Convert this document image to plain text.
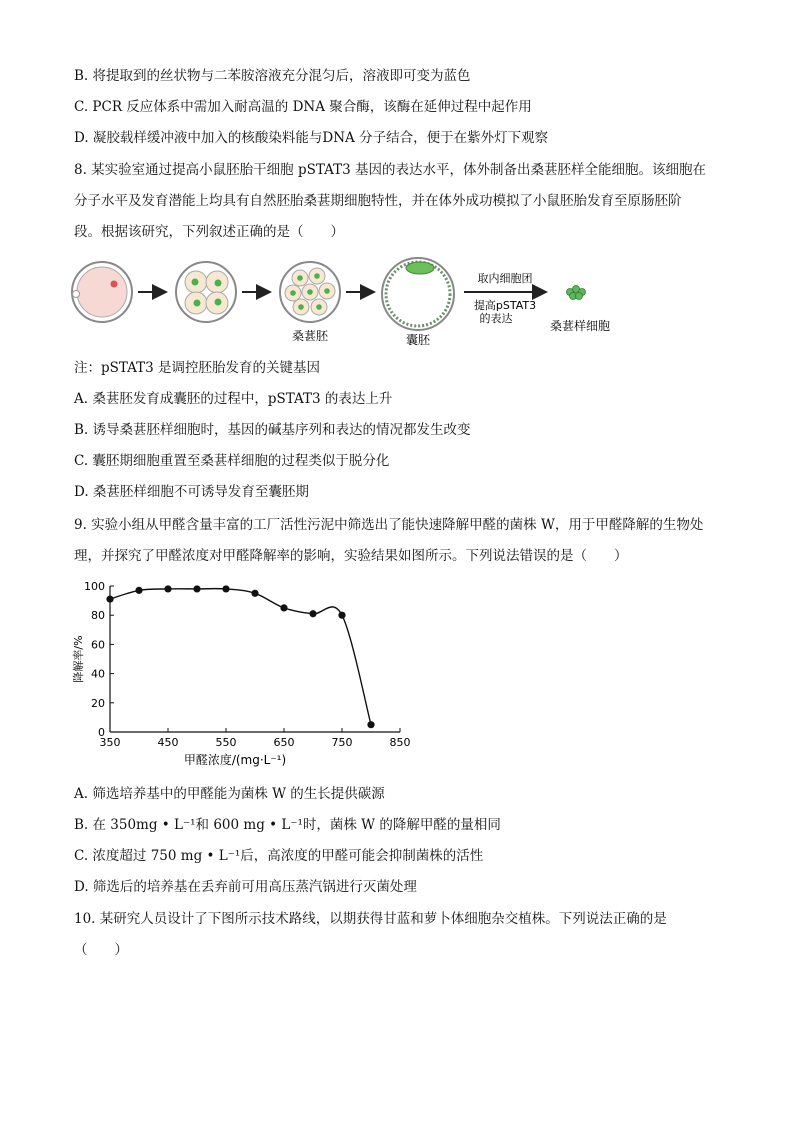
B. 将提取到的丝状物与二苯胺溶液充分混匀后，溶液即可变为蓝色
C. PCR 反应体系中需加入耐高温的 DNA 聚合酶，该酶在延伸过程中起作用
D. 凝胶载样缓冲液中加入的核酸染料能与DNA 分子结合，便于在紫外灯下观察
8. 某实验室通过提高小鼠胚胎干细胞 pSTAT3 基因的表达水平，体外制备出桑葚胚样全能细胞。该细胞在
分子水平及发育潜能上均具有自然胚胎桑葚期细胞特性，并在体外成功模拟了小鼠胚胎发育至原肠胚阶
段。根据该研究，下列叙述正确的是（　　）
桑葚胚	囊胚
取内细胞团
提高pSTAT3
的表达
桑葚样细胞
注：pSTAT3 是调控胚胎发育的关键基因
A. 桑葚胚发育成囊胚的过程中，pSTAT3 的表达上升
B. 诱导桑葚胚样细胞时，基因的碱基序列和表达的情况都发生改变
C. 囊胚期细胞重置至桑葚样细胞的过程类似于脱分化
D. 桑葚胚样细胞不可诱导发育至囊胚期
9. 实验小组从甲醛含量丰富的工厂活性污泥中筛选出了能快速降解甲醛的菌株 W，用于甲醛降解的生物处
理，并探究了甲醛浓度对甲醛降解率的影响，实验结果如图所示。下列说法错误的是（　　）
350	450	550	650	750	850
0
20
40
60
80
100
甲醛浓度/(mg·L⁻¹)
降解率/%
A. 筛选培养基中的甲醛能为菌株 W 的生长提供碳源
B. 在 350mg • L⁻¹和 600 mg • L⁻¹时，菌株 W 的降解甲醛的量相同
C. 浓度超过 750 mg • L⁻¹后，高浓度的甲醛可能会抑制菌株的活性
D. 筛选后的培养基在丢弃前可用高压蒸汽锅进行灭菌处理
10. 某研究人员设计了下图所示技术路线，以期获得甘蓝和萝卜体细胞杂交植株。下列说法正确的是
（　　）
